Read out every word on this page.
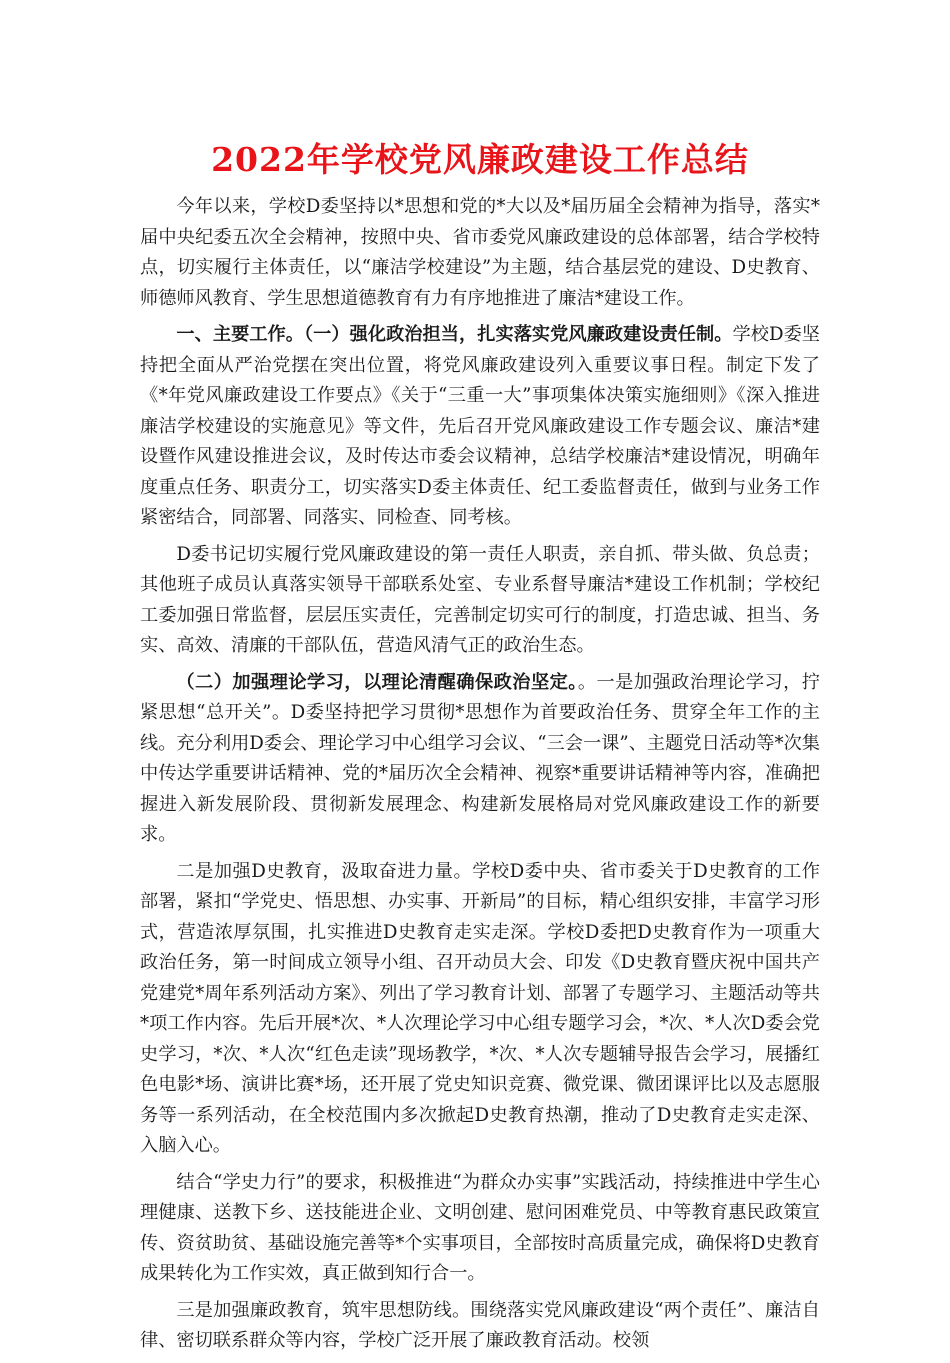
2022年学校党风廉政建设工作总结

今年以来，学校D委坚持以*思想和党的*大以及*届历届全会精神为指导，落实*届中央纪委五次全会精神，按照中央、省市委党风廉政建设的总体部署，结合学校特点，切实履行主体责任，以“廉洁学校建设”为主题，结合基层党的建设、D史教育、师德师风教育、学生思想道德教育有力有序地推进了廉洁*建设工作。

一、主要工作。（一）强化政治担当，扎实落实党风廉政建设责任制。学校D委坚持把全面从严治党摆在突出位置，将党风廉政建设列入重要议事日程。制定下发了《*年党风廉政建设工作要点》《关于“三重一大”事项集体决策实施细则》《深入推进廉洁学校建设的实施意见》等文件，先后召开党风廉政建设工作专题会议、廉洁*建设暨作风建设推进会议，及时传达市委会议精神，总结学校廉洁*建设情况，明确年度重点任务、职责分工，切实落实D委主体责任、纪工委监督责任，做到与业务工作紧密结合，同部署、同落实、同检查、同考核。

D委书记切实履行党风廉政建设的第一责任人职责，亲自抓、带头做、负总责；其他班子成员认真落实领导干部联系处室、专业系督导廉洁*建设工作机制；学校纪工委加强日常监督，层层压实责任，完善制定切实可行的制度，打造忠诚、担当、务实、高效、清廉的干部队伍，营造风清气正的政治生态。

（二）加强理论学习，以理论清醒确保政治坚定。。一是加强政治理论学习，拧紧思想“总开关”。D委坚持把学习贯彻*思想作为首要政治任务、贯穿全年工作的主线。充分利用D委会、理论学习中心组学习会议、“三会一课”、主题党日活动等*次集中传达学重要讲话精神、党的*届历次全会精神、视察*重要讲话精神等内容，准确把握进入新发展阶段、贯彻新发展理念、构建新发展格局对党风廉政建设工作的新要求。

二是加强D史教育，汲取奋进力量。学校D委中央、省市委关于D史教育的工作部署，紧扣“学党史、悟思想、办实事、开新局”的目标，精心组织安排，丰富学习形式，营造浓厚氛围，扎实推进D史教育走实走深。学校D委把D史教育作为一项重大政治任务，第一时间成立领导小组、召开动员大会、印发《D史教育暨庆祝中国共产党建党*周年系列活动方案》、列出了学习教育计划、部署了专题学习、主题活动等共*项工作内容。先后开展*次、*人次理论学习中心组专题学习会，*次、*人次D委会党史学习，*次、*人次“红色走读”现场教学，*次、*人次专题辅导报告会学习，展播红色电影*场、演讲比赛*场，还开展了党史知识竞赛、微党课、微团课评比以及志愿服务等一系列活动，在全校范围内多次掀起D史教育热潮，推动了D史教育走实走深、入脑入心。

结合“学史力行”的要求，积极推进“为群众办实事”实践活动，持续推进中学生心理健康、送教下乡、送技能进企业、文明创建、慰问困难党员、中等教育惠民政策宣传、资贫助贫、基础设施完善等*个实事项目，全部按时高质量完成，确保将D史教育成果转化为工作实效，真正做到知行合一。

三是加强廉政教育，筑牢思想防线。围绕落实党风廉政建设“两个责任”、廉洁自律、密切联系群众等内容，学校广泛开展了廉政教育活动。校领
